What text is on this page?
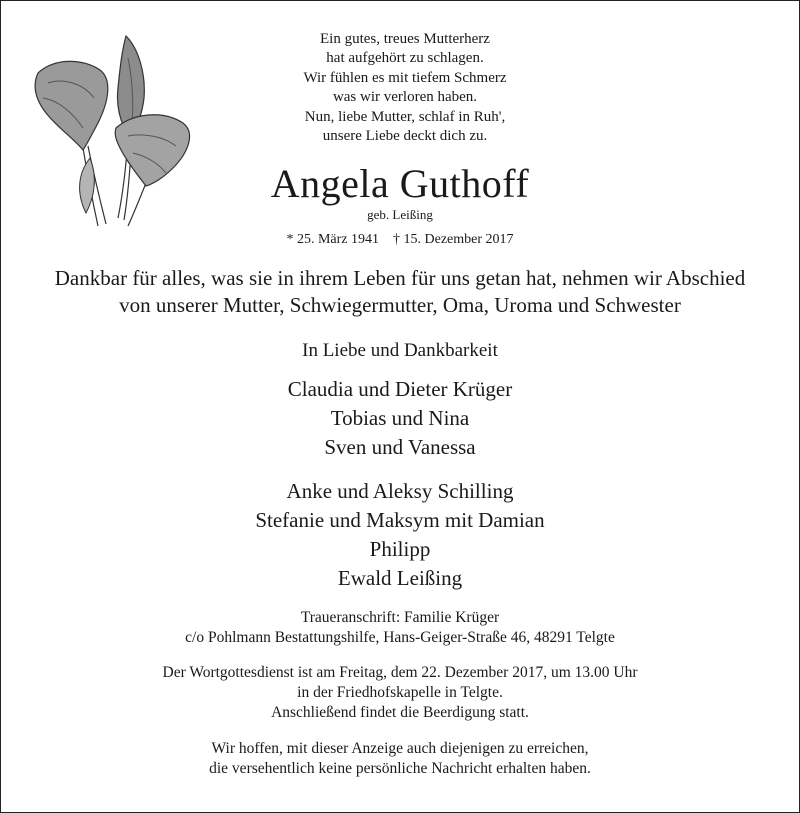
Ein gutes, treues Mutterherz
hat aufgehört zu schlagen.
Wir fühlen es mit tiefem Schmerz
was wir verloren haben.
Nun, liebe Mutter, schlaf in Ruh',
unsere Liebe deckt dich zu.
Angela Guthoff
geb. Leißing
* 25. März 1941 † 15. Dezember 2017
Dankbar für alles, was sie in ihrem Leben für uns getan hat, nehmen wir Abschied
von unserer Mutter, Schwiegermutter, Oma, Uroma und Schwester
In Liebe und Dankbarkeit
Claudia und Dieter Krüger
Tobias und Nina
Sven und Vanessa
Anke und Aleksy Schilling
Stefanie und Maksym mit Damian
Philipp
Ewald Leißing
Traueranschrift: Familie Krüger
c/o Pohlmann Bestattungshilfe, Hans-Geiger-Straße 46, 48291 Telgte
Der Wortgottesdienst ist am Freitag, dem 22. Dezember 2017, um 13.00 Uhr
in der Friedhofskapelle in Telgte.
Anschließend findet die Beerdigung statt.
Wir hoffen, mit dieser Anzeige auch diejenigen zu erreichen,
die versehentlich keine persönliche Nachricht erhalten haben.
